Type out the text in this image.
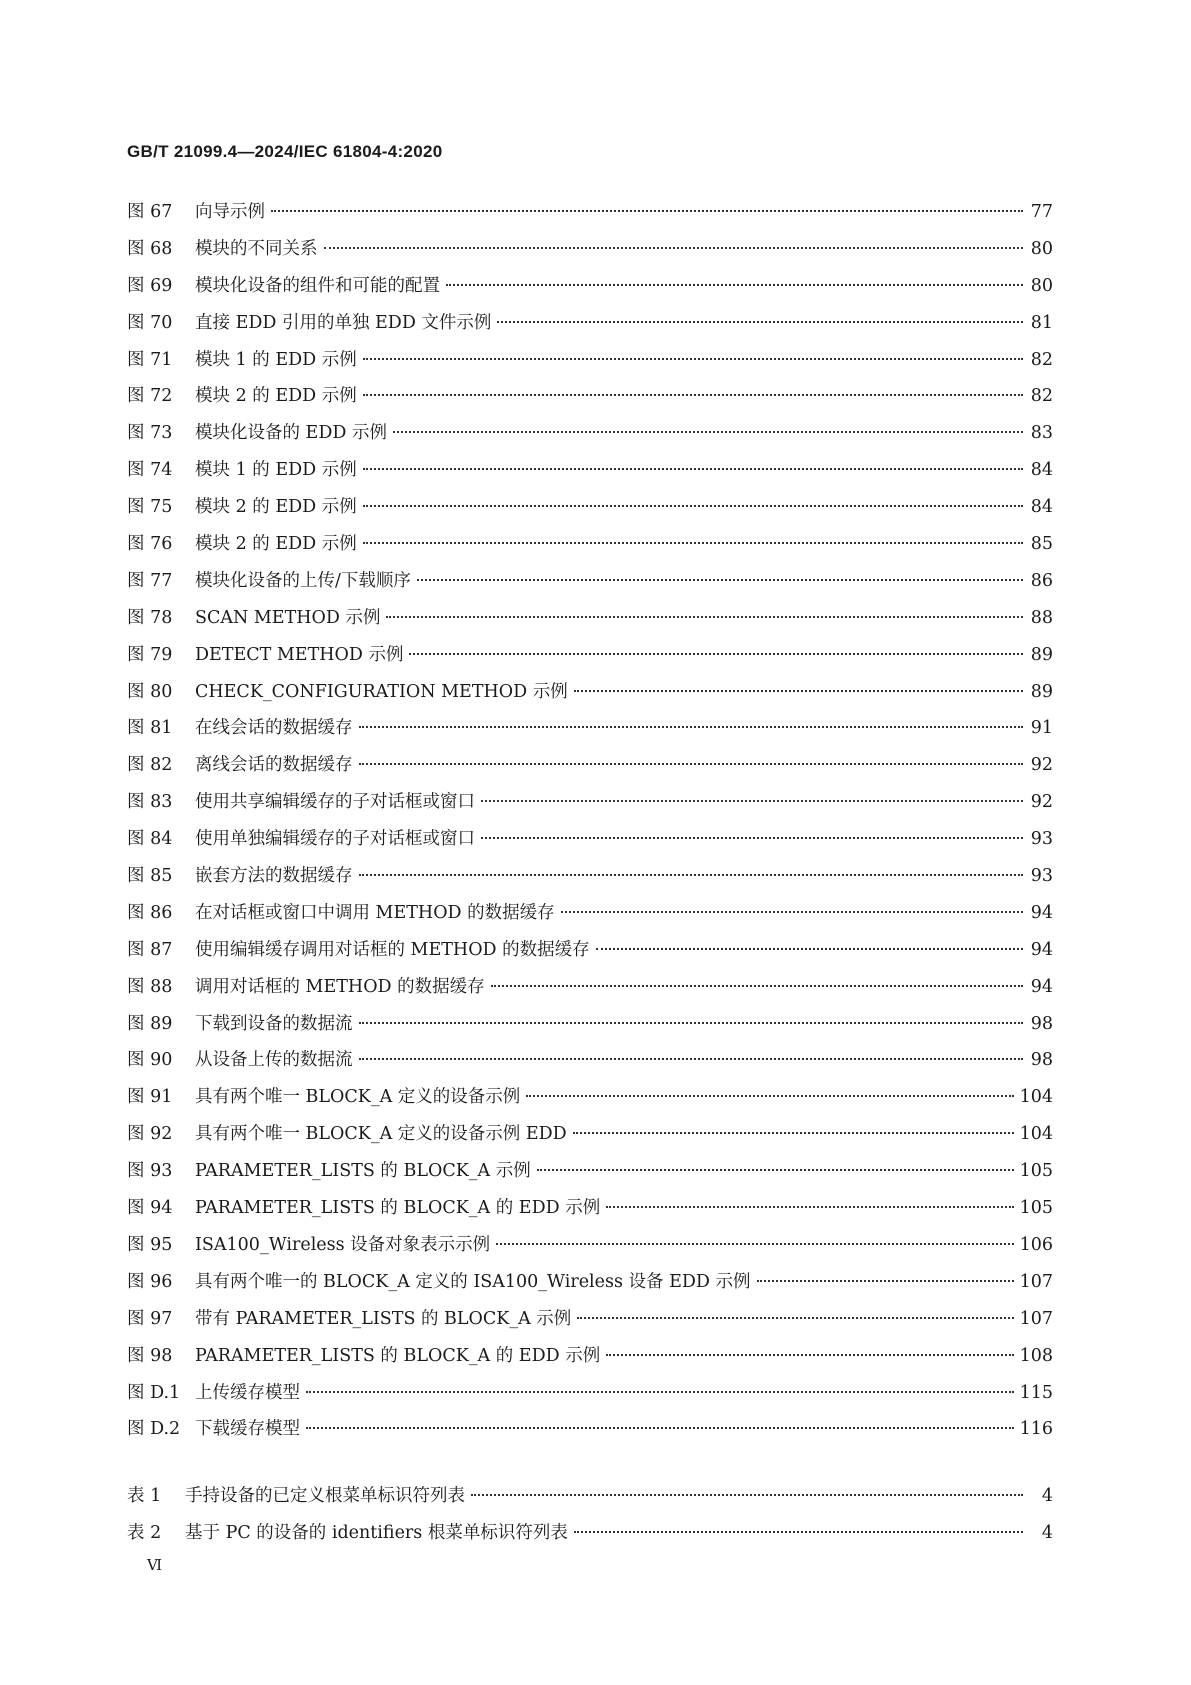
GB/T 21099.4—2024/IEC 61804-4:2020
图 67	向导示例	77
图 68	模块的不同关系	80
图 69	模块化设备的组件和可能的配置	80
图 70	直接 EDD 引用的单独 EDD 文件示例	81
图 71	模块 1 的 EDD 示例	82
图 72	模块 2 的 EDD 示例	82
图 73	模块化设备的 EDD 示例	83
图 74	模块 1 的 EDD 示例	84
图 75	模块 2 的 EDD 示例	84
图 76	模块 2 的 EDD 示例	85
图 77	模块化设备的上传/下载顺序	86
图 78	SCAN METHOD 示例	88
图 79	DETECT METHOD 示例	89
图 80	CHECK_CONFIGURATION METHOD 示例	89
图 81	在线会话的数据缓存	91
图 82	离线会话的数据缓存	92
图 83	使用共享编辑缓存的子对话框或窗口	92
图 84	使用单独编辑缓存的子对话框或窗口	93
图 85	嵌套方法的数据缓存	93
图 86	在对话框或窗口中调用 METHOD 的数据缓存	94
图 87	使用编辑缓存调用对话框的 METHOD 的数据缓存	94
图 88	调用对话框的 METHOD 的数据缓存	94
图 89	下载到设备的数据流	98
图 90	从设备上传的数据流	98
图 91	具有两个唯一 BLOCK_A 定义的设备示例	104
图 92	具有两个唯一 BLOCK_A 定义的设备示例 EDD	104
图 93	PARAMETER_LISTS 的 BLOCK_A 示例	105
图 94	PARAMETER_LISTS 的 BLOCK_A 的 EDD 示例	105
图 95	ISA100_Wireless 设备对象表示示例	106
图 96	具有两个唯一的 BLOCK_A 定义的 ISA100_Wireless 设备 EDD 示例	107
图 97	带有 PARAMETER_LISTS 的 BLOCK_A 示例	107
图 98	PARAMETER_LISTS 的 BLOCK_A 的 EDD 示例	108
图 D.1 上传缓存模型	115
图 D.2 下载缓存模型	116
表 1	手持设备的已定义根菜单标识符列表	4
表 2	基于 PC 的设备的 identifiers 根菜单标识符列表	4
Ⅵ
